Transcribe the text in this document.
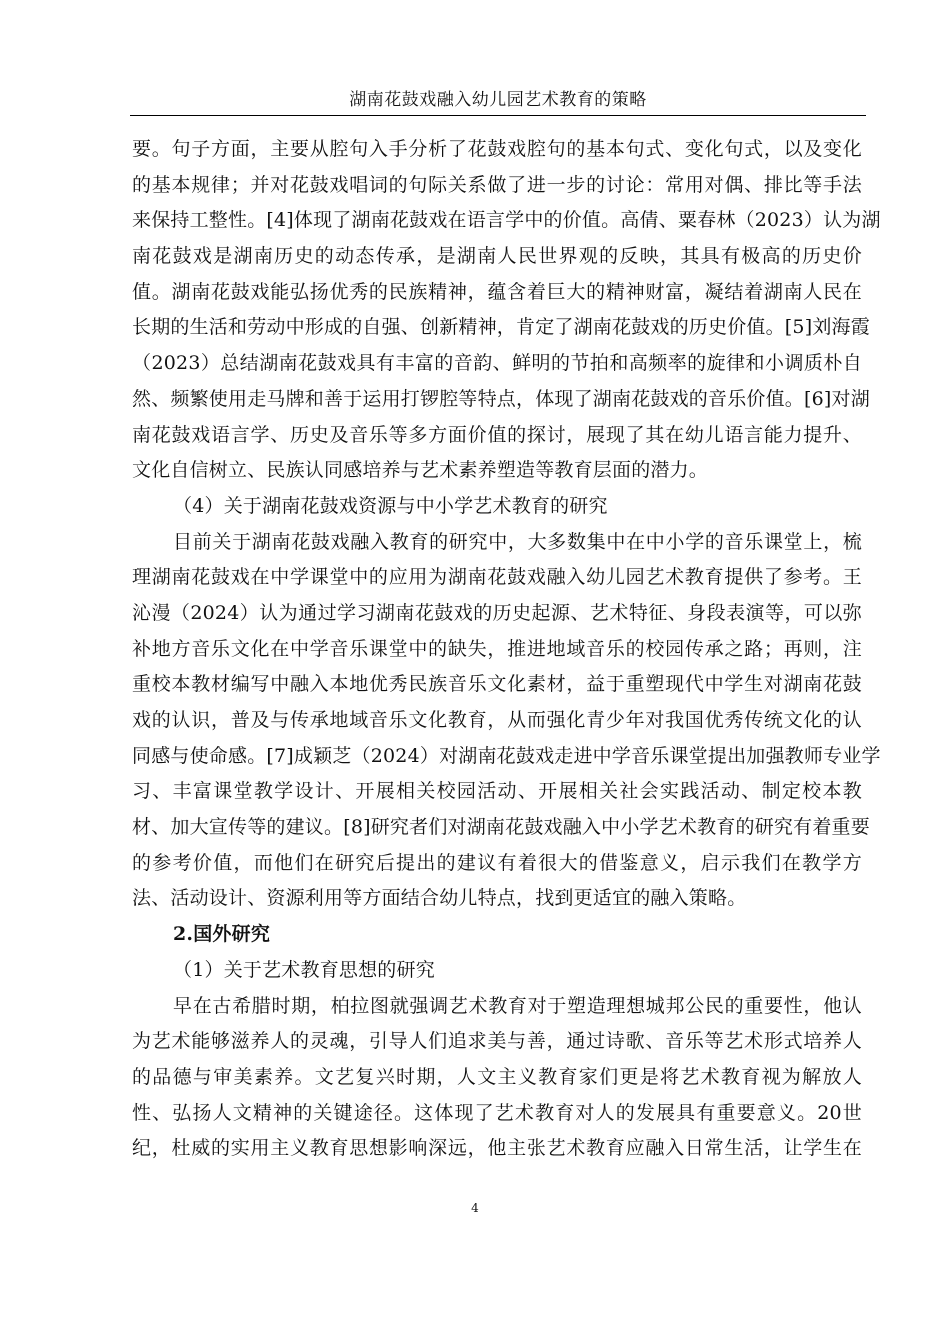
湖南花鼓戏融入幼儿园艺术教育的策略
要。句子方面，主要从腔句入手分析了花鼓戏腔句的基本句式、变化句式，以及变化
的基本规律；并对花鼓戏唱词的句际关系做了进一步的讨论：常用对偶、排比等手法
来保持工整性。[4]体现了湖南花鼓戏在语言学中的价值。高倩、粟春林（2023）认为湖
南花鼓戏是湖南历史的动态传承，是湖南人民世界观的反映，其具有极高的历史价
值。湖南花鼓戏能弘扬优秀的民族精神，蕴含着巨大的精神财富，凝结着湖南人民在
长期的生活和劳动中形成的自强、创新精神，肯定了湖南花鼓戏的历史价值。[5]刘海霞
（2023）总结湖南花鼓戏具有丰富的音韵、鲜明的节拍和高频率的旋律和小调质朴自
然、频繁使用走马牌和善于运用打锣腔等特点，体现了湖南花鼓戏的音乐价值。[6]对湖
南花鼓戏语言学、历史及音乐等多方面价值的探讨，展现了其在幼儿语言能力提升、
文化自信树立、民族认同感培养与艺术素养塑造等教育层面的潜力。
（4）关于湖南花鼓戏资源与中小学艺术教育的研究
目前关于湖南花鼓戏融入教育的研究中，大多数集中在中小学的音乐课堂上，梳
理湖南花鼓戏在中学课堂中的应用为湖南花鼓戏融入幼儿园艺术教育提供了参考。王
沁漫（2024）认为通过学习湖南花鼓戏的历史起源、艺术特征、身段表演等，可以弥
补地方音乐文化在中学音乐课堂中的缺失，推进地域音乐的校园传承之路；再则，注
重校本教材编写中融入本地优秀民族音乐文化素材，益于重塑现代中学生对湖南花鼓
戏的认识，普及与传承地域音乐文化教育，从而强化青少年对我国优秀传统文化的认
同感与使命感。[7]成颖芝（2024）对湖南花鼓戏走进中学音乐课堂提出加强教师专业学
习、丰富课堂教学设计、开展相关校园活动、开展相关社会实践活动、制定校本教
材、加大宣传等的建议。[8]研究者们对湖南花鼓戏融入中小学艺术教育的研究有着重要
的参考价值，而他们在研究后提出的建议有着很大的借鉴意义，启示我们在教学方
法、活动设计、资源利用等方面结合幼儿特点，找到更适宜的融入策略。
2.国外研究
（1）关于艺术教育思想的研究
早在古希腊时期，柏拉图就强调艺术教育对于塑造理想城邦公民的重要性，他认
为艺术能够滋养人的灵魂，引导人们追求美与善，通过诗歌、音乐等艺术形式培养人
的品德与审美素养。文艺复兴时期，人文主义教育家们更是将艺术教育视为解放人
性、弘扬人文精神的关键途径。这体现了艺术教育对人的发展具有重要意义。20世
纪，杜威的实用主义教育思想影响深远，他主张艺术教育应融入日常生活，让学生在
4
